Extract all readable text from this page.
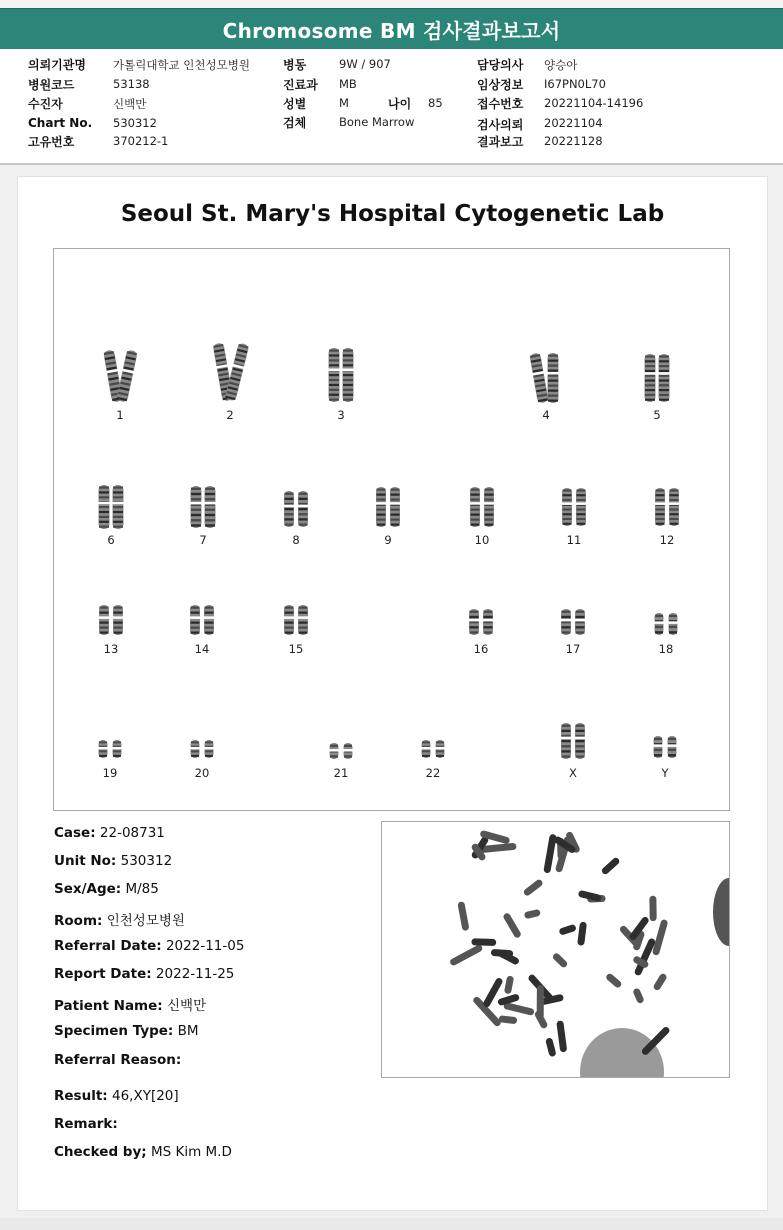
Chromosome BM 검사결과보고서
의뢰기관명 가톨릭대학교 인천성모병원
병원코드	53138
수진자	신백만
Chart No. 530312
고유번호	370212-1
병동	9W / 907
진료과 MB
성별	M	나이 85
검체	Bone Marrow
담당의사 양승아
임상정보 I67PN0L70
접수번호 20221104-14196
검사의뢰 20221104
결과보고 20221128
Seoul St. Mary's Hospital Cytogenetic Lab
1	2	3	4	5
6	7	8	9	10	11	12
13	14	15	16	17	18
19	20	21	22	X	Y
Case: 22-08731
Unit No: 530312
Sex/Age: M/85
Room: 인천성모병원
Referral Date: 2022-11-05
Report Date: 2022-11-25
Patient Name: 신백만
Specimen Type: BM
Referral Reason:
Result: 46,XY[20]
Remark:
Checked by; MS Kim M.D
